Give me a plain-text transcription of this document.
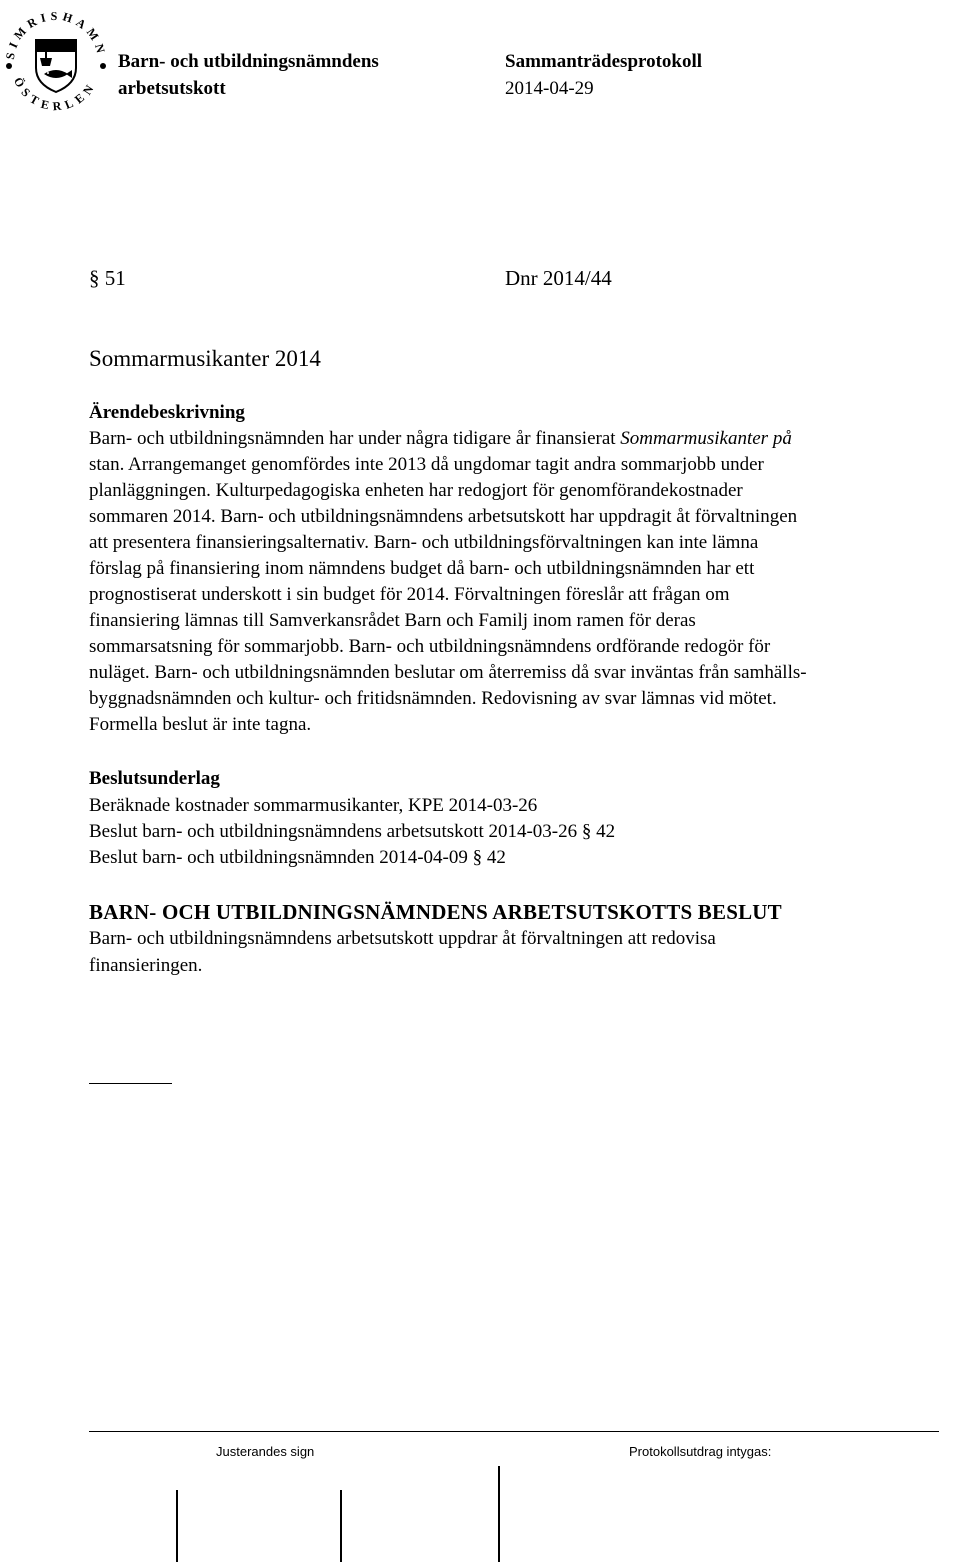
SIMRISHAMN
ÖSTERLEN
Barn- och utbildningsnämndens
arbetsutskott
Sammanträdesprotokoll
2014-04-29
§ 51	Dnr 2014/44
Sommarmusikanter 2014
Ärendebeskrivning
Barn- och utbildningsnämnden har under några tidigare år finansierat Sommarmusikanter på
stan. Arrangemanget genomfördes inte 2013 då ungdomar tagit andra sommarjobb under
planläggningen. Kulturpedagogiska enheten har redogjort för genomförandekostnader
sommaren 2014. Barn- och utbildningsnämndens arbetsutskott har uppdragit åt förvaltningen
att presentera finansieringsalternativ. Barn- och utbildningsförvaltningen kan inte lämna
förslag på finansiering inom nämndens budget då barn- och utbildningsnämnden har ett
prognostiserat underskott i sin budget för 2014. Förvaltningen föreslår att frågan om
finansiering lämnas till Samverkansrådet Barn och Familj inom ramen för deras
sommarsatsning för sommarjobb. Barn- och utbildningsnämndens ordförande redogör för
nuläget. Barn- och utbildningsnämnden beslutar om återremiss då svar inväntas från samhälls-
byggnadsnämnden och kultur- och fritidsnämnden. Redovisning av svar lämnas vid mötet.
Formella beslut är inte tagna.
Beslutsunderlag
Beräknade kostnader sommarmusikanter, KPE 2014-03-26
Beslut barn- och utbildningsnämndens arbetsutskott 2014-03-26 § 42
Beslut barn- och utbildningsnämnden 2014-04-09 § 42
BARN- OCH UTBILDNINGSNÄMNDENS ARBETSUTSKOTTS BESLUT
Barn- och utbildningsnämndens arbetsutskott uppdrar åt förvaltningen att redovisa
finansieringen.
Justerandes sign	Protokollsutdrag intygas:
